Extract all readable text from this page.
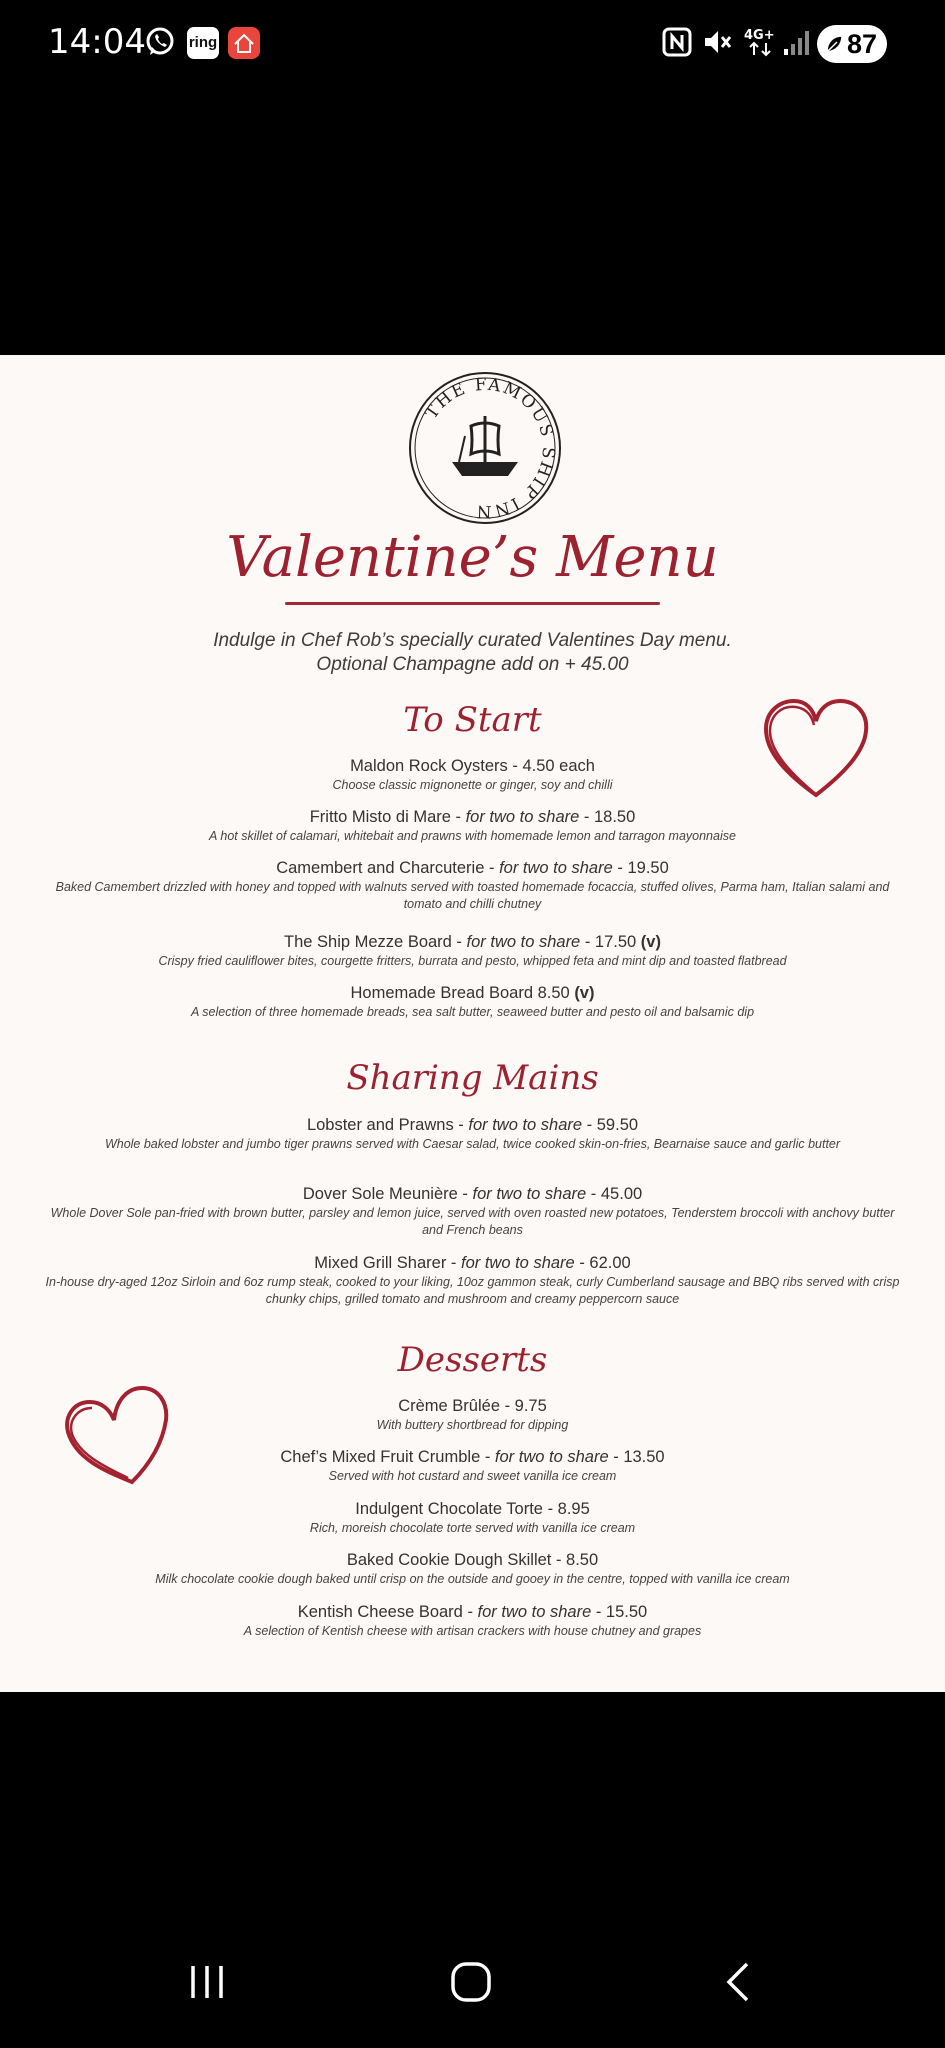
14:04	ring	4G+	87
THE FAMOUS SHIP INN
Valentine’s Menu
Indulge in Chef Rob’s specially curated Valentines Day menu.
Optional Champagne add on + 45.00
To Start
Maldon Rock Oysters - 4.50 each
Choose classic mignonette or ginger, soy and chilli
Fritto Misto di Mare - for two to share - 18.50
A hot skillet of calamari, whitebait and prawns with homemade lemon and tarragon mayonnaise
Camembert and Charcuterie - for two to share - 19.50
Baked Camembert drizzled with honey and topped with walnuts served with toasted homemade focaccia, stuffed olives, Parma ham, Italian salami and tomato and chilli chutney
The Ship Mezze Board - for two to share - 17.50 (v)
Crispy fried cauliflower bites, courgette fritters, burrata and pesto, whipped feta and mint dip and toasted flatbread
Homemade Bread Board 8.50 (v)
A selection of three homemade breads, sea salt butter, seaweed butter and pesto oil and balsamic dip
Sharing Mains
Lobster and Prawns - for two to share - 59.50
Whole baked lobster and jumbo tiger prawns served with Caesar salad, twice cooked skin-on-fries, Bearnaise sauce and garlic butter
Dover Sole Meunière - for two to share - 45.00
Whole Dover Sole pan-fried with brown butter, parsley and lemon juice, served with oven roasted new potatoes, Tenderstem broccoli with anchovy butter and French beans
Mixed Grill Sharer - for two to share - 62.00
In-house dry-aged 12oz Sirloin and 6oz rump steak, cooked to your liking, 10oz gammon steak, curly Cumberland sausage and BBQ ribs served with crisp chunky chips, grilled tomato and mushroom and creamy peppercorn sauce
Desserts
Crème Brûlée - 9.75
With buttery shortbread for dipping
Chef’s Mixed Fruit Crumble - for two to share - 13.50
Served with hot custard and sweet vanilla ice cream
Indulgent Chocolate Torte - 8.95
Rich, moreish chocolate torte served with vanilla ice cream
Baked Cookie Dough Skillet - 8.50
Milk chocolate cookie dough baked until crisp on the outside and gooey in the centre, topped with vanilla ice cream
Kentish Cheese Board - for two to share - 15.50
A selection of Kentish cheese with artisan crackers with house chutney and grapes
